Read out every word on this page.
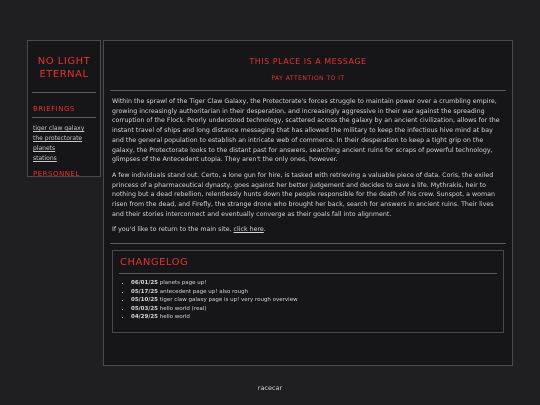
NO LIGHT ETERNAL
BRIEFINGS
tiger claw galaxy
the protectorate
planets
stations
PERSONNEL
THIS PLACE IS A MESSAGE
PAY ATTENTION TO IT

Within the sprawl of the Tiger Claw Galaxy, the Protectorate's forces struggle to maintain power over a crumbling empire, growing increasingly authoritarian in their desperation, and increasingly aggressive in their war against the spreading corruption of the Flock. Poorly understood technology, scattered across the galaxy by an ancient civilization, allows for the instant travel of ships and long distance messaging that has allowed the military to keep the infectious hive mind at bay and the general population to establish an intricate web of commerce. In their desperation to keep a tight grip on the galaxy, the Protectorate looks to the distant past for answers, searching ancient ruins for scraps of powerful technology, glimpses of the Antecedent utopia. They aren't the only ones, however.

A few individuals stand out. Certo, a lone gun for hire, is tasked with retrieving a valuable piece of data. Coris, the exiled princess of a pharmaceutical dynasty, goes against her better judgement and decides to save a life. Mythrakis, heir to nothing but a dead rebellion, relentlessly hunts down the people responsible for the death of his crew. Sunspot, a woman risen from the dead, and Firefly, the strange drone who brought her back, search for answers in ancient ruins. Their lives and their stories interconnect and eventually converge as their goals fall into alignment.

If you'd like to return to the main site, click here.

CHANGELOG
• 06/01/25 planets page up!
• 05/17/25 antecedent page up! also rough
• 05/10/25 tiger claw galaxy page is up! very rough overview
• 05/03/25 hello world (real)
• 04/29/25 hello world
racecar
